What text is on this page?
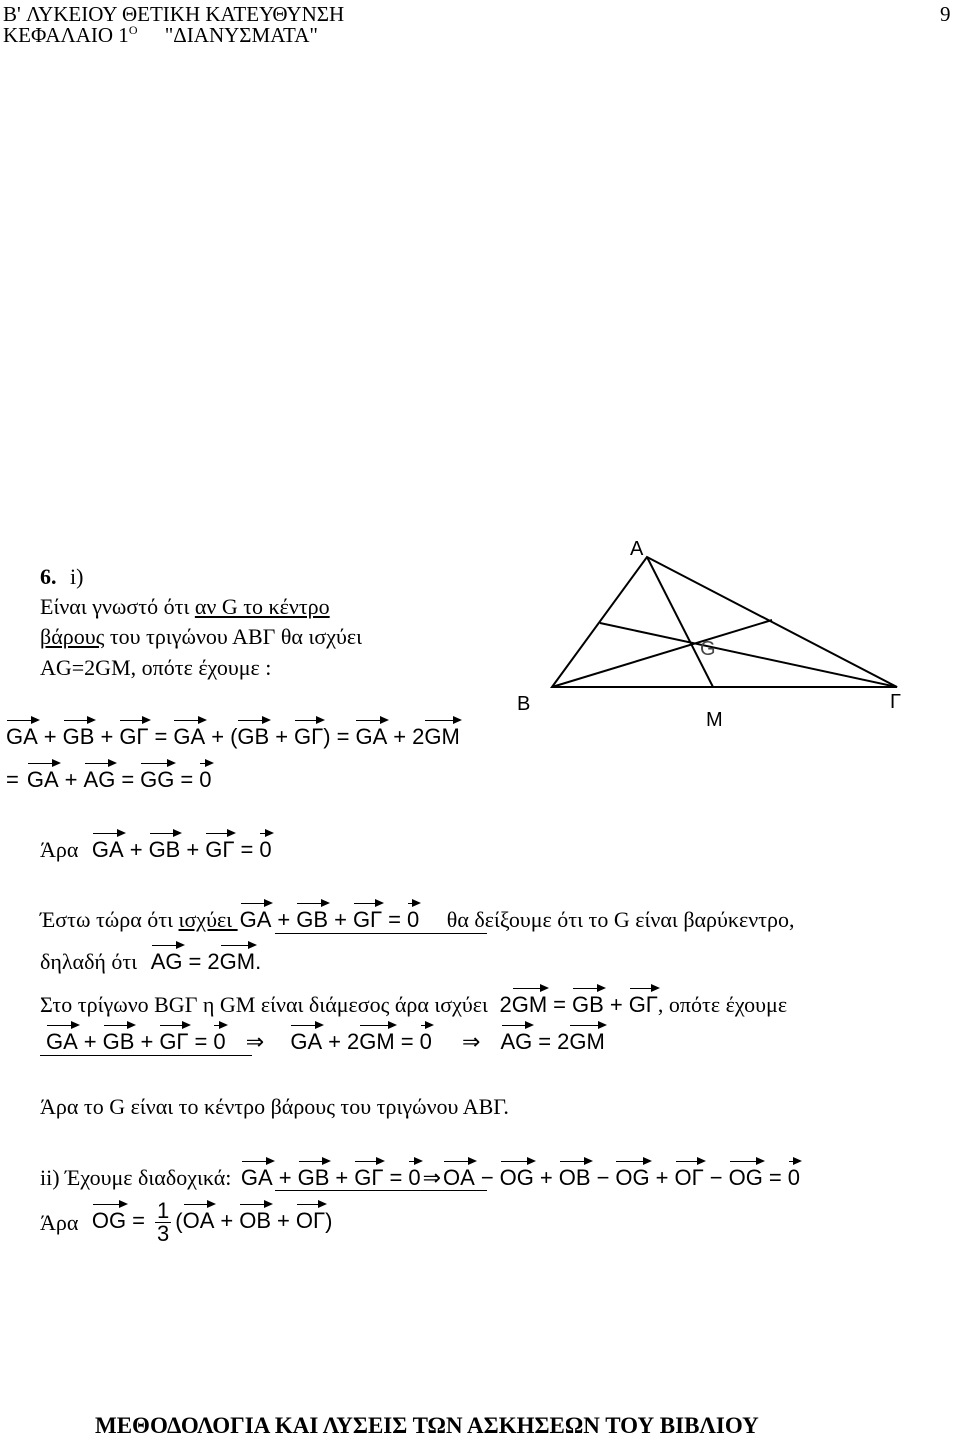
B' ΛΥΚΕΙΟΥ ΘΕΤΙΚΗ ΚΑΤΕΥΘΥΝΣΗ
ΚΕΦΑΛΑΙΟ $1^O$ "ΔΙΑΝΥΣΜΑΤΑ"
9
6. i)
Είναι γνωστό ότι αν G το κέντρο
βάρους του τριγώνου ΑΒΓ θα ισχύει
AG=2GM, οπότε έχουμε :
GA + GB + GΓ = GA + (GB + GΓ) = GA + 2GM
= GA + AG = GG = 0
Άρα GA + GB + GΓ = 0
Έστω τώρα ότι ισχύει GA + GB + GΓ = 0 θα δείξουμε ότι το G είναι βαρύκεντρο,
δηλαδή ότι AG = 2GM.
Στο τρίγωνο BGΓ η GM είναι διάμεσος άρα ισχύει 2GM = GB + GΓ, οπότε έχουμε
GA + GB + GΓ = 0 ⇒ GA + 2GM = 0 ⇒ AG = 2GM
Άρα το G είναι το κέντρο βάρους του τριγώνου ΑΒΓ.
ii) Έχουμε διαδοχικά: GA + GB + GΓ = 0⇒OA − OG + OB − OG + OΓ − OG = 0
Άρα OG = $\frac{1}{3} (OA$ + OB + OΓ)
A
B	Γ
G
M
ΜΕΘΟΔΟΛΟΓΙΑ ΚΑΙ ΛΥΣΕΙΣ ΤΩΝ ΑΣΚΗΣΕΩΝ ΤΟΥ ΒΙΒΛΙΟΥ
